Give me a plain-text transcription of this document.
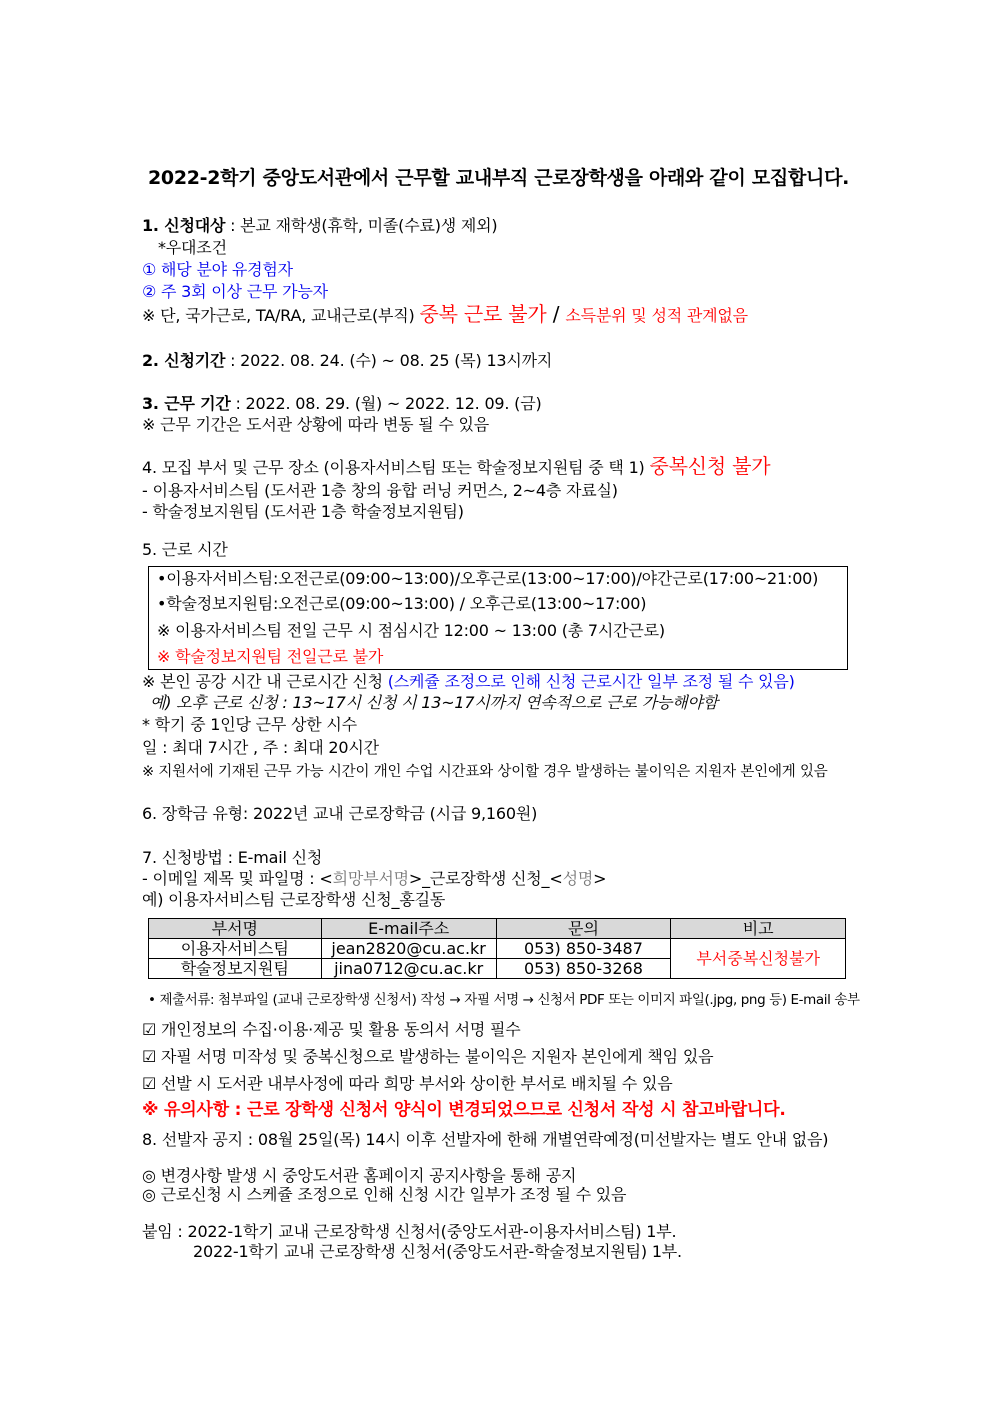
2022-2학기 중앙도서관에서 근무할 교내부직 근로장학생을 아래와 같이 모집합니다.
1. 신청대상 : 본교 재학생(휴학, 미졸(수료)생 제외)
*우대조건
① 해당 분야 유경험자
② 주 3회 이상 근무 가능자
※ 단, 국가근로, TA/RA, 교내근로(부직) 중복 근로 불가 / 소득분위 및 성적 관계없음
2. 신청기간 : 2022. 08. 24. (수) ~ 08. 25 (목) 13시까지
3. 근무 기간 : 2022. 08. 29. (월) ~ 2022. 12. 09. (금)
※ 근무 기간은 도서관 상황에 따라 변동 될 수 있음
4. 모집 부서 및 근무 장소 (이용자서비스팀 또는 학술정보지원팀 중 택 1) 중복신청 불가
- 이용자서비스팀 (도서관 1층 창의 융합 러닝 커먼스, 2~4층 자료실)
- 학술정보지원팀 (도서관 1층 학술정보지원팀)
5. 근로 시간
•이용자서비스팀:오전근로(09:00~13:00)/오후근로(13:00~17:00)/야간근로(17:00~21:00)
•학술정보지원팀:오전근로(09:00~13:00) / 오후근로(13:00~17:00)
※ 이용자서비스팀 전일 근무 시 점심시간 12:00 ~ 13:00 (총 7시간근로)
※ 학술정보지원팀 전일근로 불가
※ 본인 공강 시간 내 근로시간 신청 (스케쥴 조정으로 인해 신청 근로시간 일부 조정 될 수 있음)
예) 오후 근로 신청 : 13~17시 신청 시 13~17시까지 연속적으로 근로 가능해야함
* 학기 중 1인당 근무 상한 시수
일 : 최대 7시간 , 주 : 최대 20시간
※ 지원서에 기재된 근무 가능 시간이 개인 수업 시간표와 상이할 경우 발생하는 불이익은 지원자 본인에게 있음
6. 장학금 유형: 2022년 교내 근로장학금 (시급 9,160원)
7. 신청방법 : E-mail 신청
- 이메일 제목 및 파일명 : <희망부서명>_근로장학생 신청_<성명>
예) 이용자서비스팀 근로장학생 신청_홍길동
부서명	E-mail주소	문의	비고
이용자서비스팀	jean2820@cu.ac.kr	053) 850-3487	부서중복신청불가
학술정보지원팀	jina0712@cu.ac.kr	053) 850-3268	
• 제출서류: 첨부파일 (교내 근로장학생 신청서) 작성 → 자필 서명 → 신청서 PDF 또는 이미지 파일(.jpg, png 등) E-mail 송부
☑ 개인정보의 수집·이용·제공 및 활용 동의서 서명 필수
☑ 자필 서명 미작성 및 중복신청으로 발생하는 불이익은 지원자 본인에게 책임 있음
☑ 선발 시 도서관 내부사정에 따라 희망 부서와 상이한 부서로 배치될 수 있음
※ 유의사항 : 근로 장학생 신청서 양식이 변경되었으므로 신청서 작성 시 참고바랍니다.
8. 선발자 공지 : 08월 25일(목) 14시 이후 선발자에 한해 개별연락예정(미선발자는 별도 안내 없음)
◎ 변경사항 발생 시 중앙도서관 홈페이지 공지사항을 통해 공지
◎ 근로신청 시 스케쥴 조정으로 인해 신청 시간 일부가 조정 될 수 있음
붙임 : 2022-1학기 교내 근로장학생 신청서(중앙도서관-이용자서비스팀) 1부.
2022-1학기 교내 근로장학생 신청서(중앙도서관-학술정보지원팀) 1부.
